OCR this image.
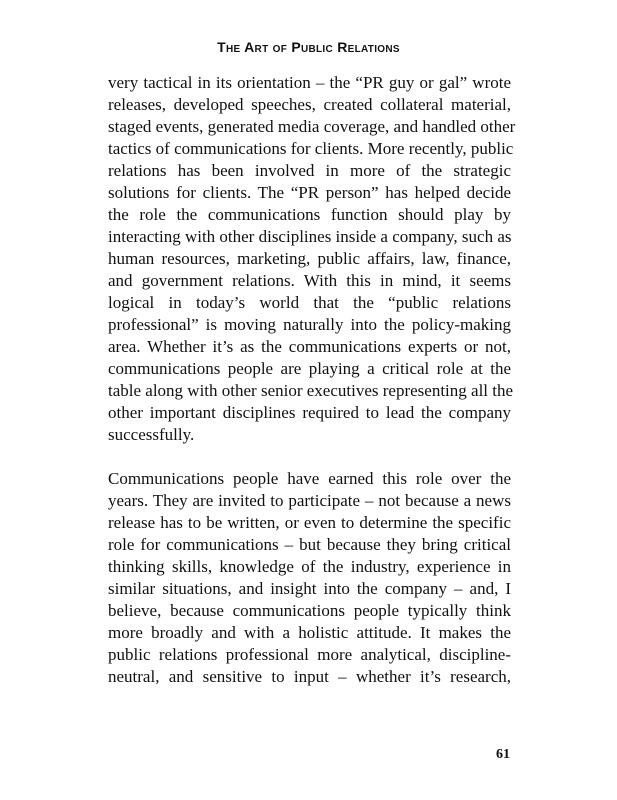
The Art of Public Relations

very tactical in its orientation – the “PR guy or gal” wrote
releases, developed speeches, created collateral material,
staged events, generated media coverage, and handled other
tactics of communications for clients. More recently, public
relations has been involved in more of the strategic
solutions for clients. The “PR person” has helped decide
the role the communications function should play by
interacting with other disciplines inside a company, such as
human resources, marketing, public affairs, law, finance,
and government relations. With this in mind, it seems
logical in today’s world that the “public relations
professional” is moving naturally into the policy-making
area. Whether it’s as the communications experts or not,
communications people are playing a critical role at the
table along with other senior executives representing all the
other important disciplines required to lead the company
successfully.

Communications people have earned this role over the
years. They are invited to participate – not because a news
release has to be written, or even to determine the specific
role for communications – but because they bring critical
thinking skills, knowledge of the industry, experience in
similar situations, and insight into the company – and, I
believe, because communications people typically think
more broadly and with a holistic attitude. It makes the
public relations professional more analytical, discipline-
neutral, and sensitive to input – whether it’s research,

61
